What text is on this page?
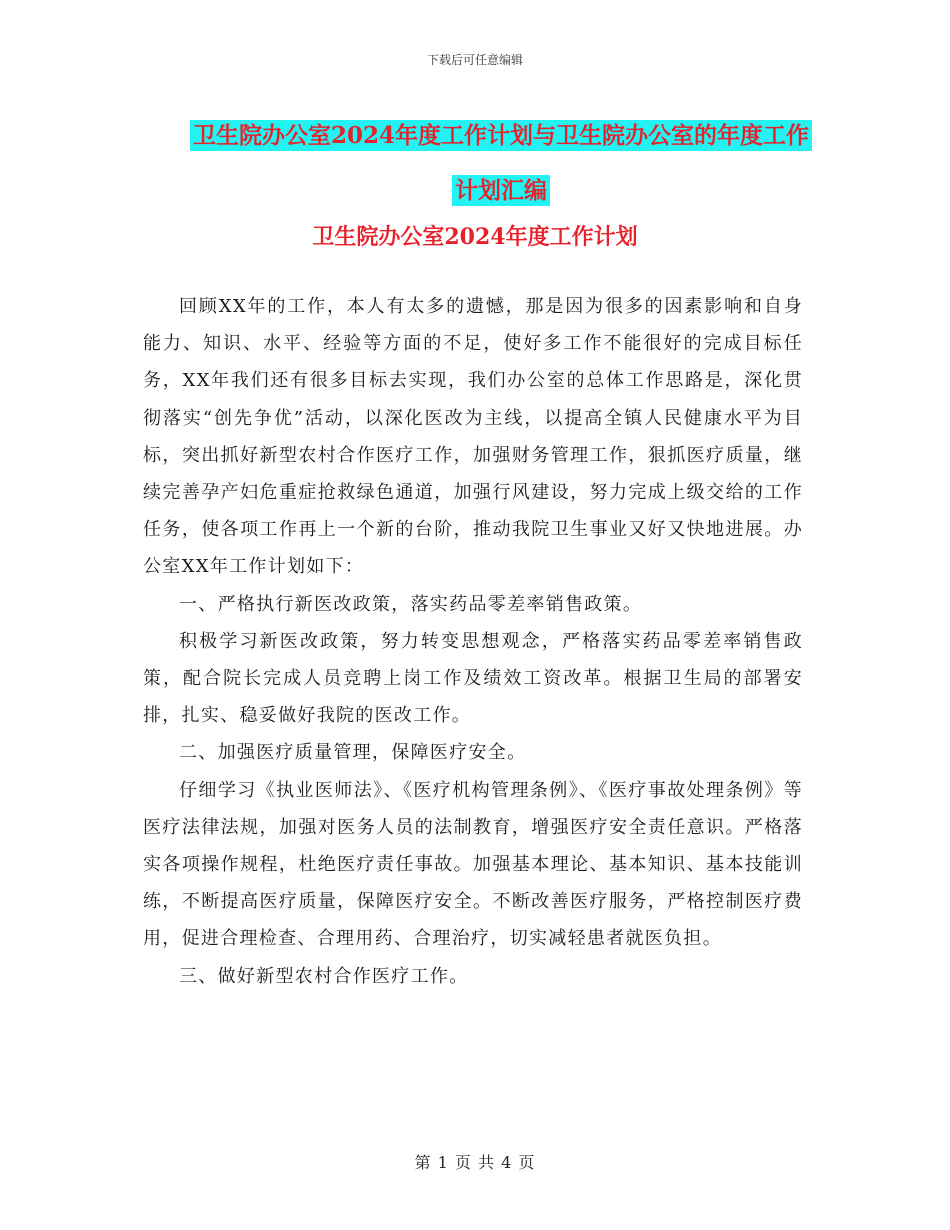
下载后可任意编辑
卫生院办公室2024年度工作计划与卫生院办公室的年度工作计划汇编
卫生院办公室2024年度工作计划

回顾XX年的工作，本人有太多的遗憾，那是因为很多的因素影响和自身能力、知识、水平、经验等方面的不足，使好多工作不能很好的完成目标任务，XX年我们还有很多目标去实现，我们办公室的总体工作思路是，深化贯彻落实“创先争优”活动，以深化医改为主线，以提高全镇人民健康水平为目标，突出抓好新型农村合作医疗工作，加强财务管理工作，狠抓医疗质量，继续完善孕产妇危重症抢救绿色通道，加强行风建设，努力完成上级交给的工作任务，使各项工作再上一个新的台阶，推动我院卫生事业又好又快地进展。办公室XX年工作计划如下：

一、严格执行新医改政策，落实药品零差率销售政策。

积极学习新医改政策，努力转变思想观念，严格落实药品零差率销售政策，配合院长完成人员竞聘上岗工作及绩效工资改革。根据卫生局的部署安排，扎实、稳妥做好我院的医改工作。

二、加强医疗质量管理，保障医疗安全。

仔细学习《执业医师法》、《医疗机构管理条例》、《医疗事故处理条例》等医疗法律法规，加强对医务人员的法制教育，增强医疗安全责任意识。严格落实各项操作规程，杜绝医疗责任事故。加强基本理论、基本知识、基本技能训练，不断提高医疗质量，保障医疗安全。不断改善医疗服务，严格控制医疗费用，促进合理检查、合理用药、合理治疗，切实减轻患者就医负担。

三、做好新型农村合作医疗工作。

第 1 页 共 4 页
